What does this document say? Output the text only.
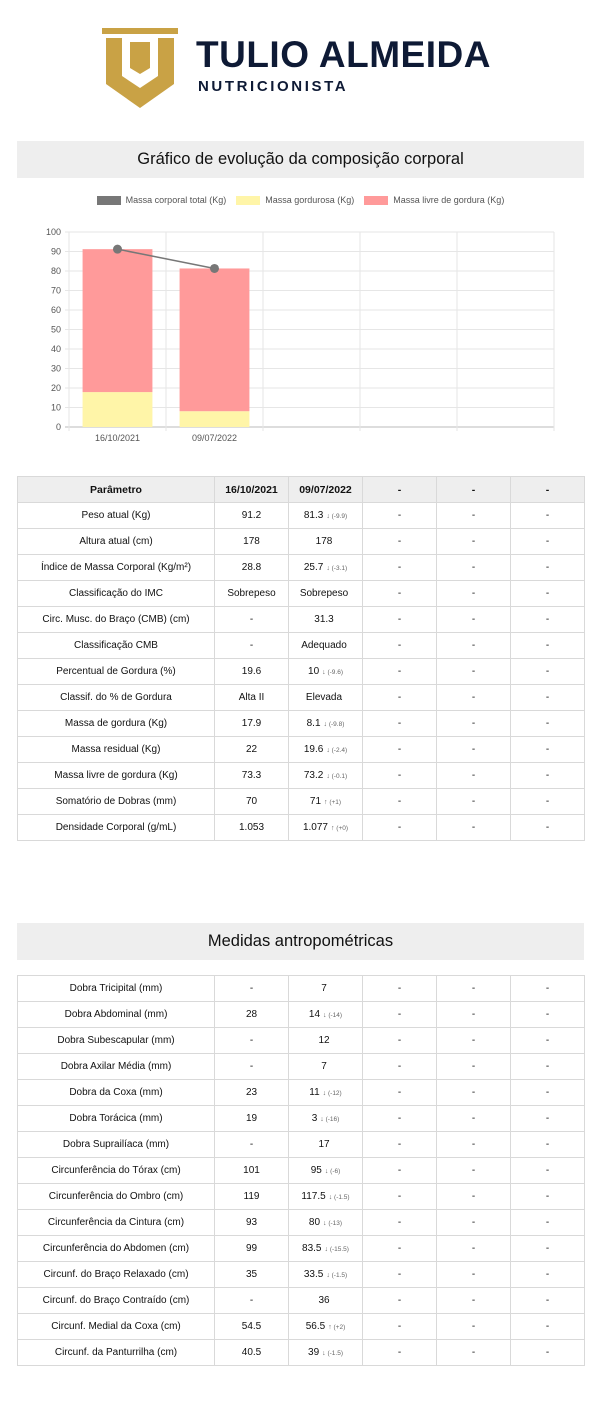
TULIO ALMEIDA
NUTRICIONISTA
Gráfico de evolução da composição corporal
Massa corporal total (Kg)	Massa gordurosa (Kg)	Massa livre de gordura (Kg)
100
90
80
70
60
50
40
30
20
10
0
16/10/2021	09/07/2022
Parâmetro	16/10/2021	09/07/2022	-	-	-
Peso atual (Kg)	91.2	81.3 ↓ (-9.9)	-	-	-
Altura atual (cm)	178	178	-	-	-
Índice de Massa Corporal (Kg/m²)	28.8	25.7 ↓ (-3.1)	-	-	-
Classificação do IMC	Sobrepeso	Sobrepeso	-	-	-
Circ. Musc. do Braço (CMB) (cm)	-	31.3	-	-	-
Classificação CMB	-	Adequado	-	-	-
Percentual de Gordura (%)	19.6	10 ↓ (-9.6)	-	-	-
Classif. do % de Gordura	Alta II	Elevada	-	-	-
Massa de gordura (Kg)	17.9	8.1 ↓ (-9.8)	-	-	-
Massa residual (Kg)	22	19.6 ↓ (-2.4)	-	-	-
Massa livre de gordura (Kg)	73.3	73.2 ↓ (-0.1)	-	-	-
Somatório de Dobras (mm)	70	71 ↑ (+1)	-	-	-
Densidade Corporal (g/mL)	1.053	1.077 ↑ (+0)	-	-	-
Medidas antropométricas
Dobra Tricipital (mm)	-	7	-	-	-
Dobra Abdominal (mm)	28	14 ↓ (-14)	-	-	-
Dobra Subescapular (mm)	-	12	-	-	-
Dobra Axilar Média (mm)	-	7	-	-	-
Dobra da Coxa (mm)	23	11 ↓ (-12)	-	-	-
Dobra Torácica (mm)	19	3 ↓ (-16)	-	-	-
Dobra Suprailíaca (mm)	-	17	-	-	-
Circunferência do Tórax (cm)	101	95 ↓ (-6)	-	-	-
Circunferência do Ombro (cm)	119	117.5 ↓ (-1.5)	-	-	-
Circunferência da Cintura (cm)	93	80 ↓ (-13)	-	-	-
Circunferência do Abdomen (cm)	99	83.5 ↓ (-15.5)	-	-	-
Circunf. do Braço Relaxado (cm)	35	33.5 ↓ (-1.5)	-	-	-
Circunf. do Braço Contraído (cm)	-	36	-	-	-
Circunf. Medial da Coxa (cm)	54.5	56.5 ↑ (+2)	-	-	-
Circunf. da Panturrilha (cm)	40.5	39 ↓ (-1.5)	-	-	-
